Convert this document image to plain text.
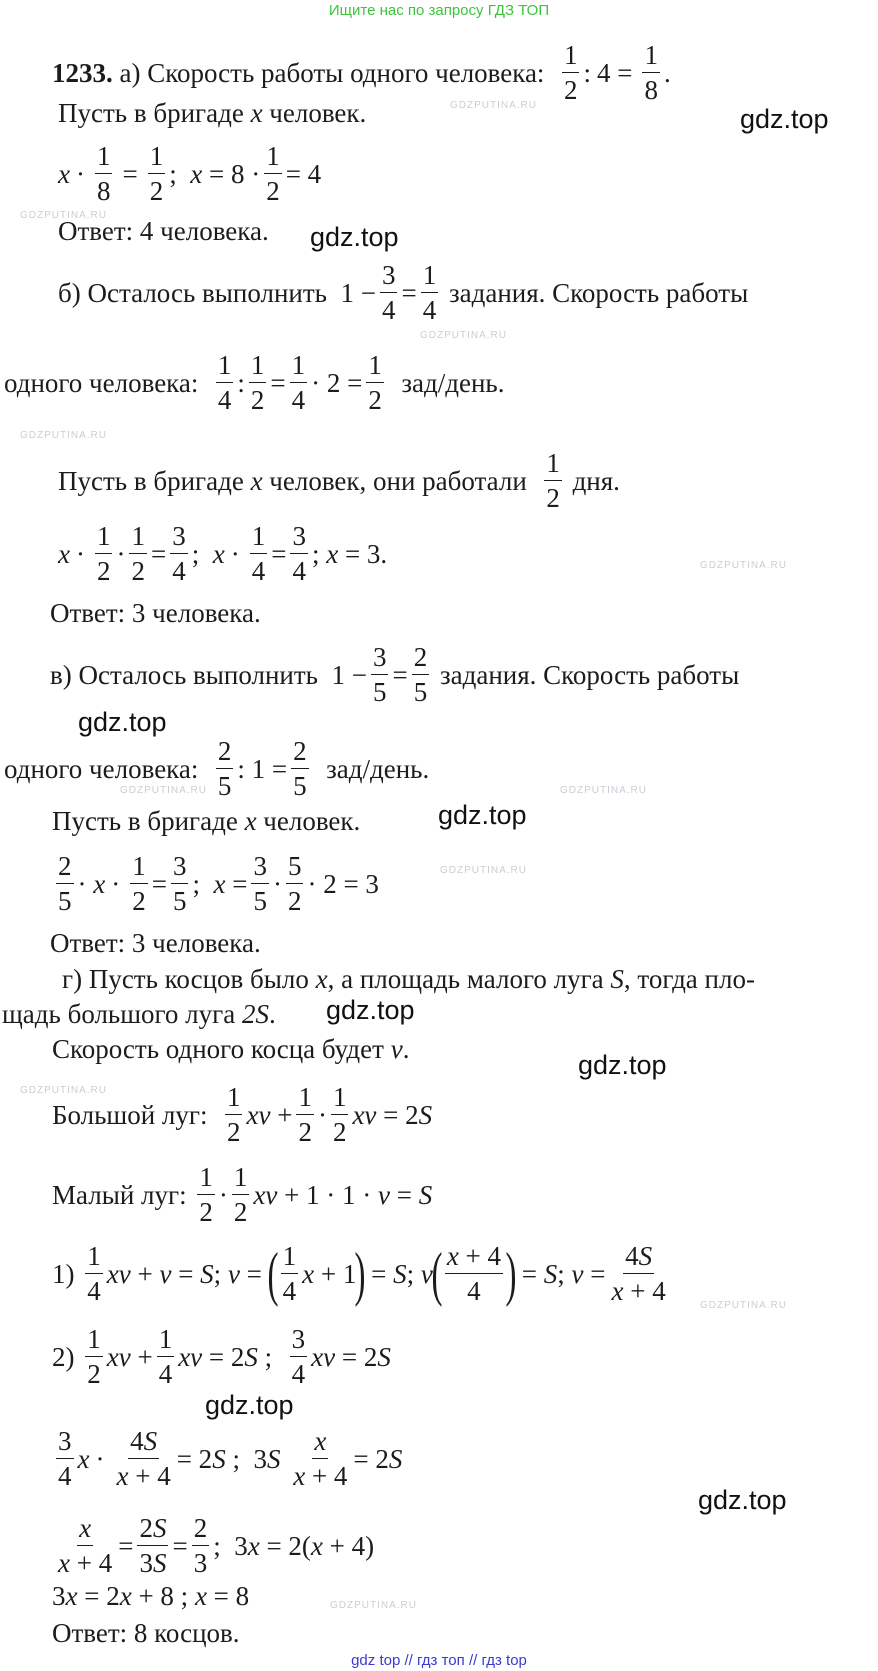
Ищите нас по запросу ГДЗ ТОП
GDZPUTINA.RU
GDZPUTINA.RU
GDZPUTINA.RU
GDZPUTINA.RU
GDZPUTINA.RU
GDZPUTINA.RU	GDZPUTINA.RU
GDZPUTINA.RU
GDZPUTINA.RU
GDZPUTINA.RU
GDZPUTINA.RU
1233.
а)
Скорость работы одного человека:
$\frac{1}{2}$ : $4 = \frac{1}{8}$ .
Пусть в бригаде
x
человек.
$x \cdot \frac{1}{8} = \frac{1}{2}$ ; $x = 8 \cdot \frac{1}{2} = 4$
Ответ: 4 человека.
б)
Осталось выполнить $1 - \frac{3}{4} = \frac{1}{4}$
задания. Скорость работы
одного человека:
$\frac{1}{4}$ : $\frac{1}{2} = \frac{1}{4} \cdot 2 = \frac{1}{2}$
зад/день.
Пусть в бригаде
x
человек, они работали
$\frac{1}{2}$
дня.
$x \cdot \frac{1}{2} \cdot \frac{1}{2} = \frac{3}{4}$ ; $x \cdot \frac{1}{4} = \frac{3}{4}$ ; x = 3.
Ответ: 3 человека.
в)
Осталось выполнить $1 - \frac{3}{5} = \frac{2}{5}$
задания. Скорость работы
одного человека:
$\frac{2}{5}$ : $1 = \frac{2}{5}$
зад/день.
Пусть в бригаде
x
человек.
$\frac{2}{5} \cdot x \cdot \frac{1}{2} = \frac{3}{5}$ ; $x = \frac{3}{5} \cdot \frac{5}{2} \cdot 2 = 3$
Ответ: 3 человека.
г)
Пусть косцов было
x , а площадь малого луга
S , тогда пло-
щадь большого луга
2S .
Скорость одного косца будет
v .
Большой луг:
$\frac{1}{2}$ xv + $\frac{1}{2} \cdot \frac{1}{2}$ xv = 2 S
Малый луг:
$\frac{1}{2} \cdot \frac{1}{2}$ xv + 1 · 1 · v = S
1)
$\frac{1}{4}$ xv + v = S ; v =
( $\frac{1}{4}$ x + 1
)
= S ; v
( $\frac{x + 4}{4}$ )
= S ; $v = \frac{4S}{x + 4}$
2)
$\frac{1}{2}$ xv + $\frac{1}{4}$ xv = 2 S ; $\frac{3}{4}$ xv = 2 S
$\frac{3}{4}$ $x \cdot \frac{4S}{x + 4} = 2$ S ;  3 S
$\frac{x}{x + 4} = 2$ S
$\frac{x}{x + 4} = \frac{2S}{3S} = \frac{2}{3}$ ;  3 x = 2( x + 4)
3 x = 2 x + 8 ; x = 8
Ответ: 8 косцов.
gdz.top
gdz.top
gdz.top
gdz.top
gdz.top
gdz.top
gdz.top
gdz.top
gdz top // гдз топ // гдз top
